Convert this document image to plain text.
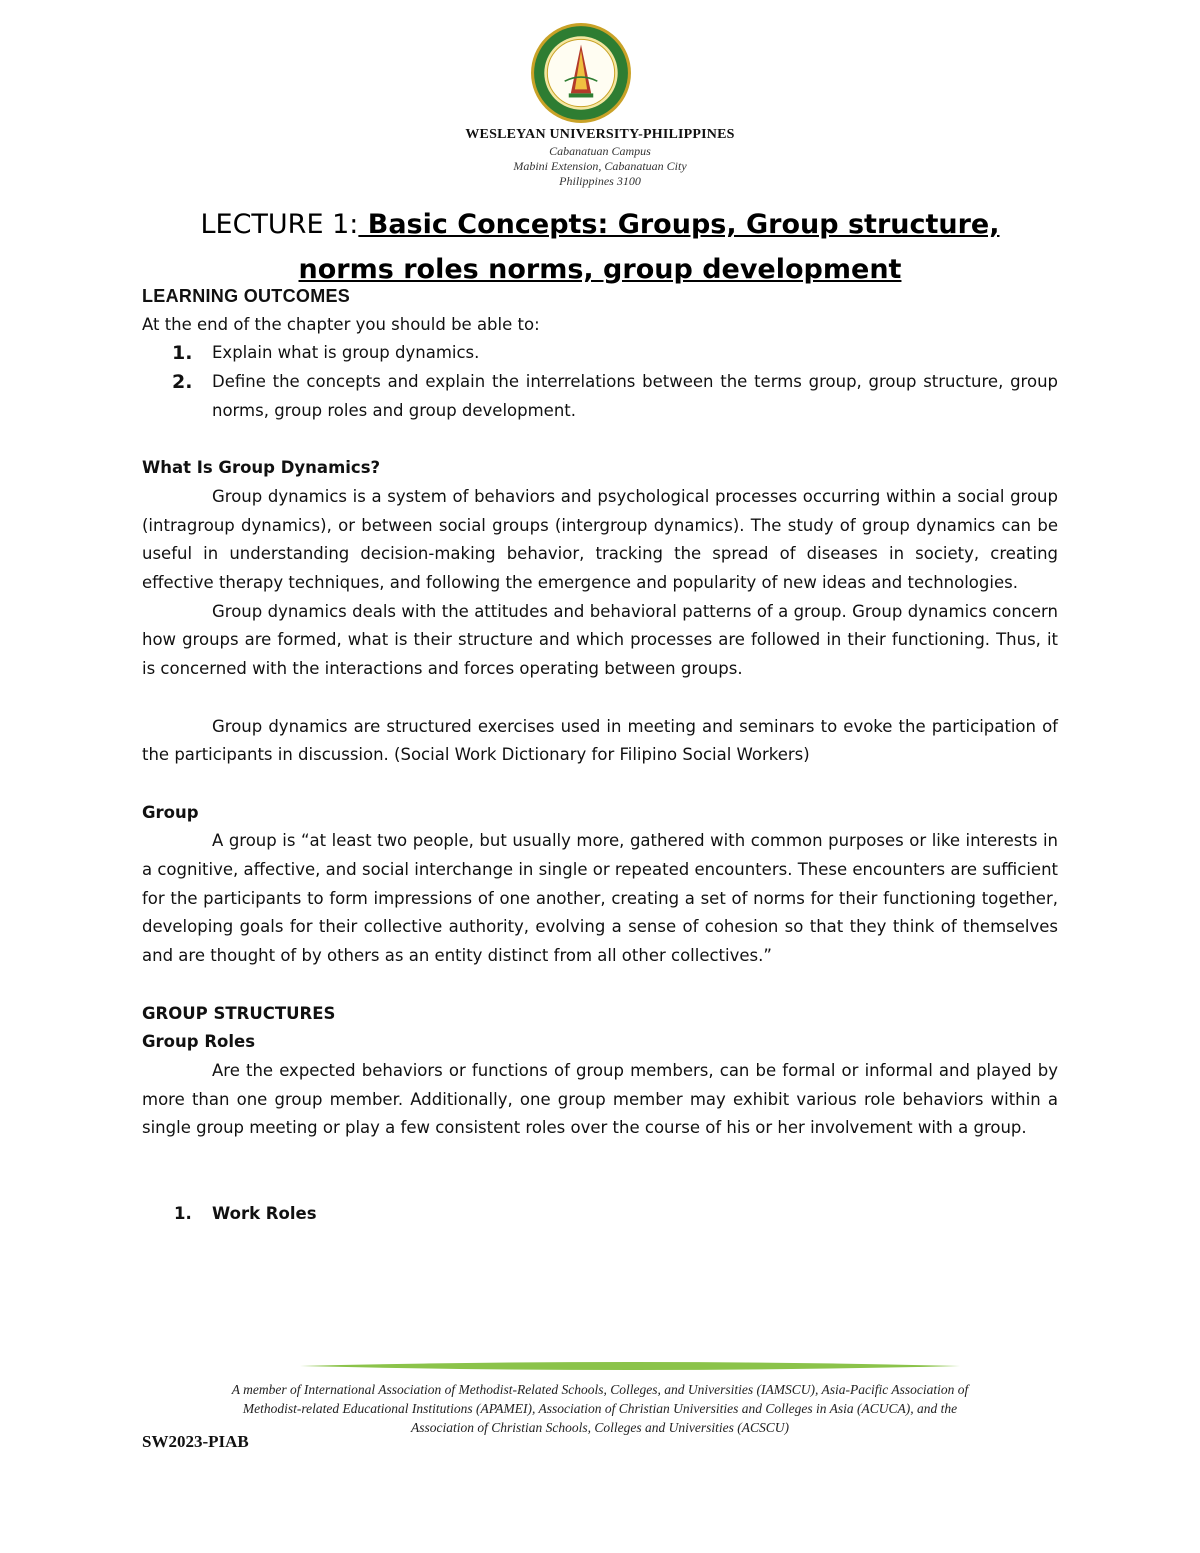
WESLEYAN UNIVERSITY-PHILIPPINES
Cabanatuan Campus
Mabini Extension, Cabanatuan City
Philippines 3100
LECTURE 1: Basic Concepts: Groups, Group structure,
norms roles norms, group development

LEARNING OUTCOMES

At the end of the chapter you should be able to:

1. Explain what is group dynamics.
2. Define the concepts and explain the interrelations between the terms group, group structure, group norms, group roles and group development.

What Is Group Dynamics?

Group dynamics is a system of behaviors and psychological processes occurring within a social group (intragroup dynamics), or between social groups (intergroup dynamics). The study of group dynamics can be useful in understanding decision-making behavior, tracking the spread of diseases in society, creating effective therapy techniques, and following the emergence and popularity of new ideas and technologies.

Group dynamics deals with the attitudes and behavioral patterns of a group. Group dynamics concern how groups are formed, what is their structure and which processes are followed in their functioning. Thus, it is concerned with the interactions and forces operating between groups.

Group dynamics are structured exercises used in meeting and seminars to evoke the participation of the participants in discussion. (Social Work Dictionary for Filipino Social Workers)

Group

A group is “at least two people, but usually more, gathered with common purposes or like interests in a cognitive, affective, and social interchange in single or repeated encounters. These encounters are sufficient for the participants to form impressions of one another, creating a set of norms for their functioning together, developing goals for their collective authority, evolving a sense of cohesion so that they think of themselves and are thought of by others as an entity distinct from all other collectives.”

GROUP STRUCTURES

Group Roles

Are the expected behaviors or functions of group members, can be formal or informal and played by more than one group member. Additionally, one group member may exhibit various role behaviors within a single group meeting or play a few consistent roles over the course of his or her involvement with a group.

1. Work Roles
A member of International Association of Methodist-Related Schools, Colleges, and Universities (IAMSCU), Asia-Pacific Association of Methodist-related Educational Institutions (APAMEI), Association of Christian Universities and Colleges in Asia (ACUCA), and the Association of Christian Schools, Colleges and Universities (ACSCU)
SW2023-PIAB
